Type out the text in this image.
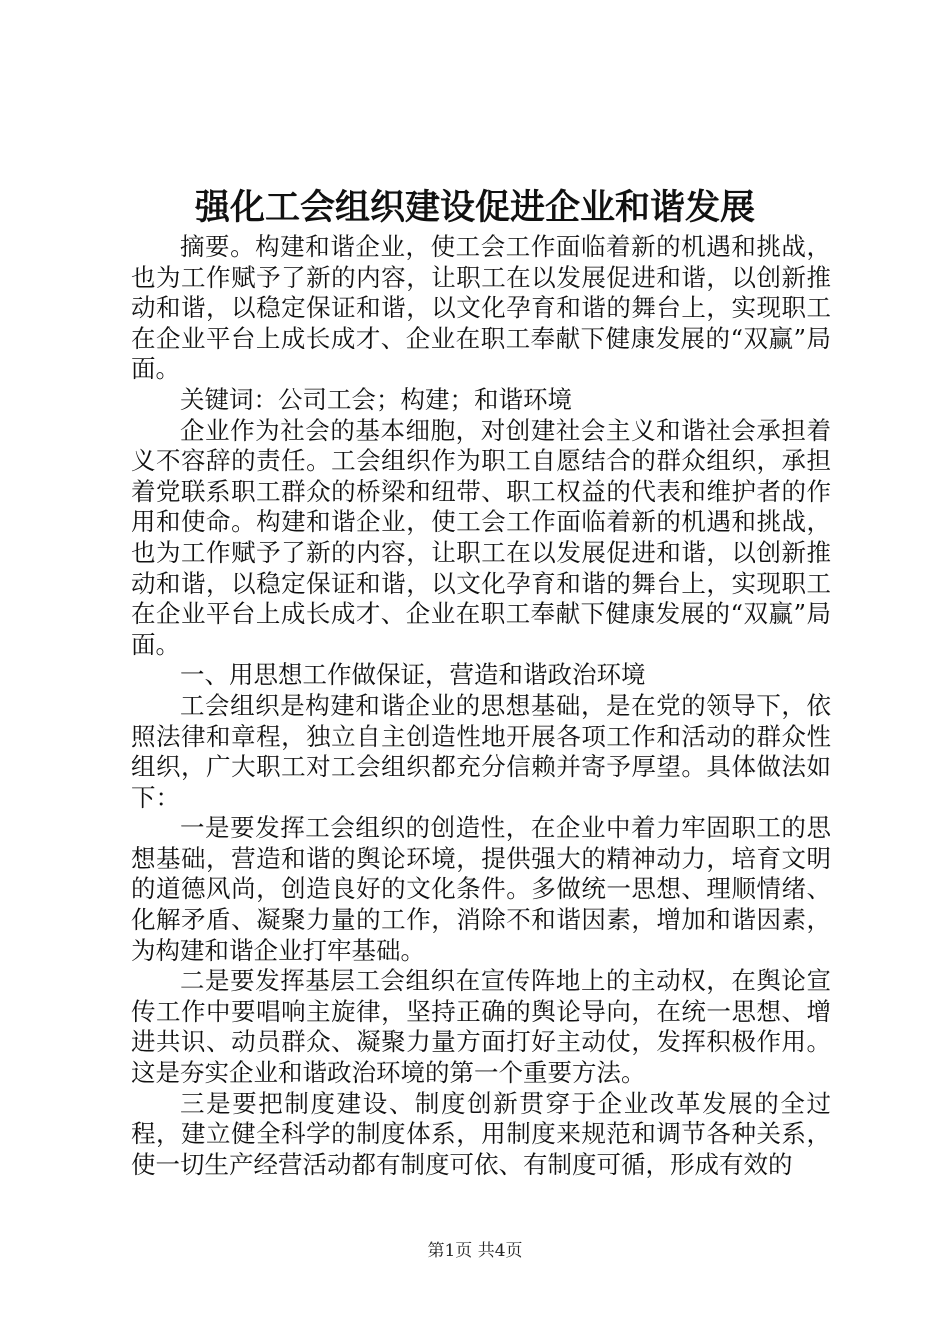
强化工会组织建设促进企业和谐发展

摘要。构建和谐企业，使工会工作面临着新的机遇和挑战，也为工作赋予了新的内容，让职工在以发展促进和谐，以创新推动和谐，以稳定保证和谐，以文化孕育和谐的舞台上，实现职工在企业平台上成长成才、企业在职工奉献下健康发展的“双赢”局面。

关键词：公司工会；构建；和谐环境

企业作为社会的基本细胞，对创建社会主义和谐社会承担着义不容辞的责任。工会组织作为职工自愿结合的群众组织，承担着党联系职工群众的桥梁和纽带、职工权益的代表和维护者的作用和使命。构建和谐企业，使工会工作面临着新的机遇和挑战，也为工作赋予了新的内容，让职工在以发展促进和谐，以创新推动和谐，以稳定保证和谐，以文化孕育和谐的舞台上，实现职工在企业平台上成长成才、企业在职工奉献下健康发展的“双赢”局面。

一、用思想工作做保证，营造和谐政治环境

工会组织是构建和谐企业的思想基础，是在党的领导下，依照法律和章程，独立自主创造性地开展各项工作和活动的群众性组织，广大职工对工会组织都充分信赖并寄予厚望。具体做法如下：

一是要发挥工会组织的创造性，在企业中着力牢固职工的思想基础，营造和谐的舆论环境，提供强大的精神动力，培育文明的道德风尚，创造良好的文化条件。多做统一思想、理顺情绪、化解矛盾、凝聚力量的工作，消除不和谐因素，增加和谐因素，为构建和谐企业打牢基础。

二是要发挥基层工会组织在宣传阵地上的主动权，在舆论宣传工作中要唱响主旋律，坚持正确的舆论导向，在统一思想、增进共识、动员群众、凝聚力量方面打好主动仗，发挥积极作用。这是夯实企业和谐政治环境的第一个重要方法。

三是要把制度建设、制度创新贯穿于企业改革发展的全过程，建立健全科学的制度体系，用制度来规范和调节各种关系，使一切生产经营活动都有制度可依、有制度可循，形成有效的

第1页 共4页
